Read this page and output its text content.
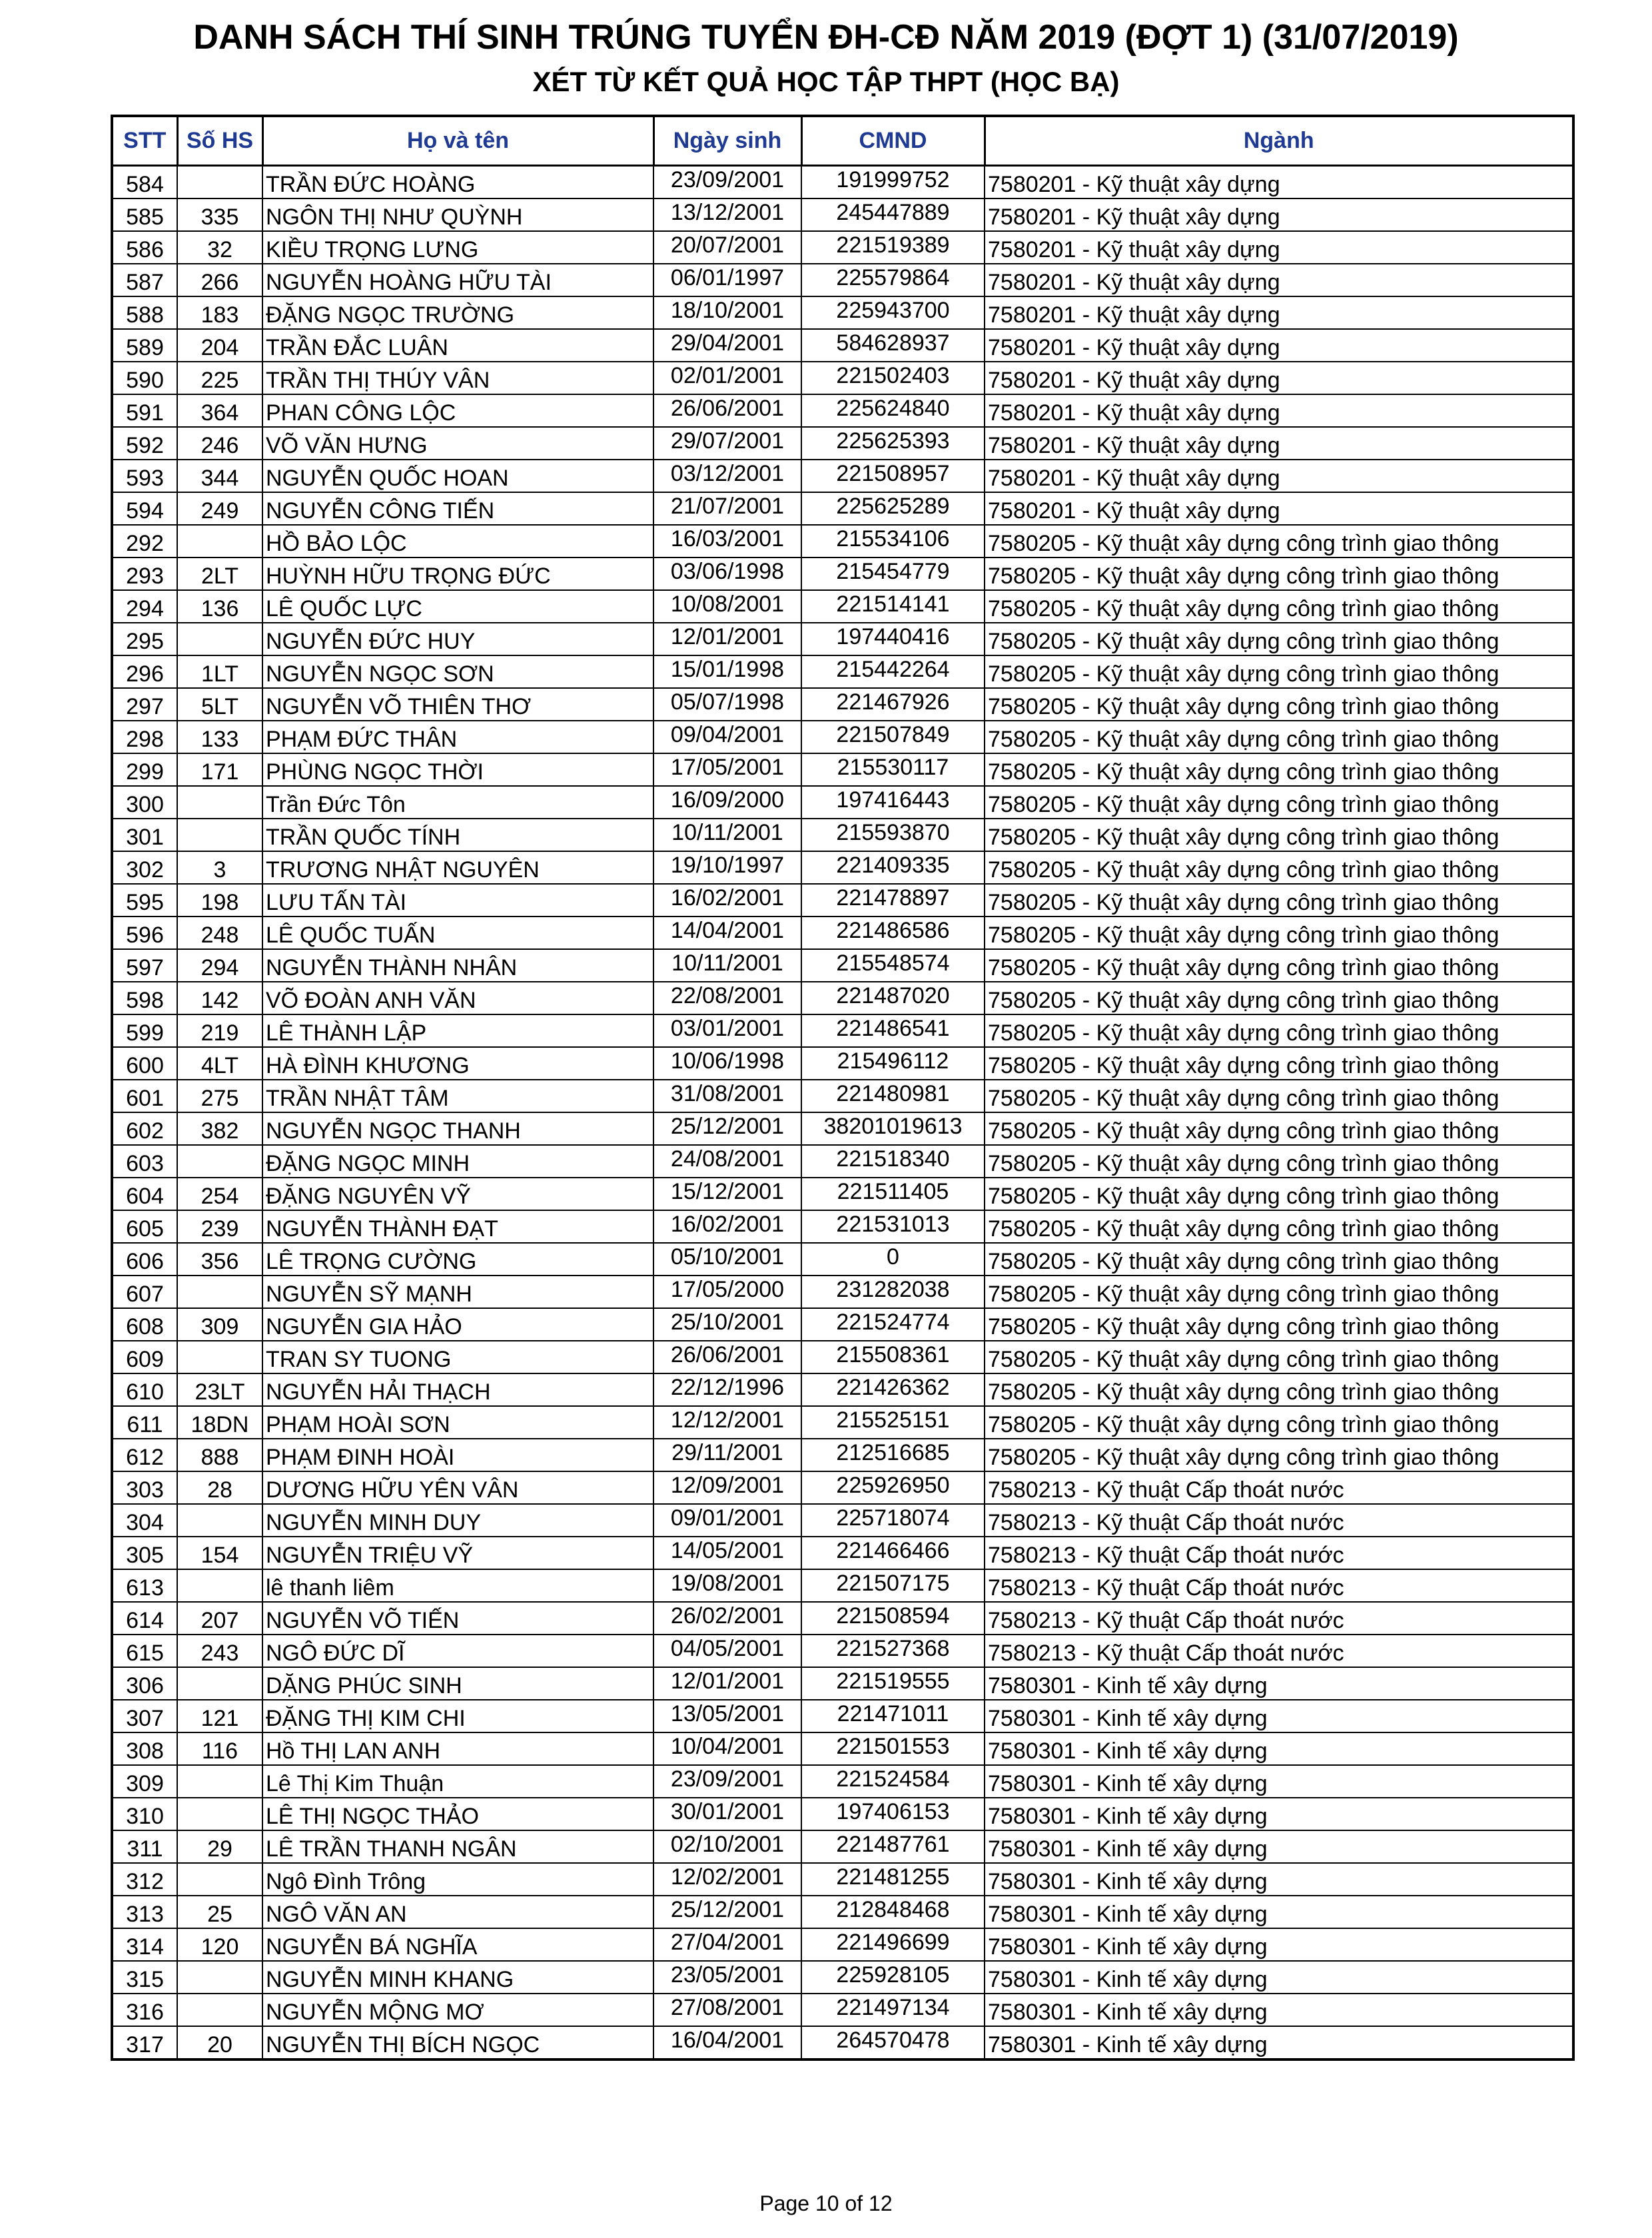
DANH SÁCH THÍ SINH TRÚNG TUYỂN ĐH-CĐ NĂM 2019 (ĐỢT 1) (31/07/2019)
XÉT TỪ KẾT QUẢ HỌC TẬP THPT (HỌC BẠ)
STT	Số HS	Họ và tên	Ngày sinh	CMND	Ngành
584		TRẦN ĐỨC HOÀNG	23/09/2001	191999752	7580201 - Kỹ thuật xây dựng
585	335	NGÔN THỊ NHƯ QUỲNH	13/12/2001	245447889	7580201 - Kỹ thuật xây dựng
586	32	KIỀU TRỌNG LƯNG	20/07/2001	221519389	7580201 - Kỹ thuật xây dựng
587	266	NGUYỄN HOÀNG HỮU TÀI	06/01/1997	225579864	7580201 - Kỹ thuật xây dựng
588	183	ĐẶNG NGỌC TRƯỜNG	18/10/2001	225943700	7580201 - Kỹ thuật xây dựng
589	204	TRẦN ĐẮC LUÂN	29/04/2001	584628937	7580201 - Kỹ thuật xây dựng
590	225	TRẦN THỊ THÚY VÂN	02/01/2001	221502403	7580201 - Kỹ thuật xây dựng
591	364	PHAN CÔNG LỘC	26/06/2001	225624840	7580201 - Kỹ thuật xây dựng
592	246	VÕ VĂN HƯNG	29/07/2001	225625393	7580201 - Kỹ thuật xây dựng
593	344	NGUYỄN QUỐC HOAN	03/12/2001	221508957	7580201 - Kỹ thuật xây dựng
594	249	NGUYỄN CÔNG TIẾN	21/07/2001	225625289	7580201 - Kỹ thuật xây dựng
292		HỒ BẢO LỘC	16/03/2001	215534106	7580205 - Kỹ thuật xây dựng công trình giao thông
293	2LT	HUỲNH HỮU TRỌNG ĐỨC	03/06/1998	215454779	7580205 - Kỹ thuật xây dựng công trình giao thông
294	136	LÊ QUỐC LỰC	10/08/2001	221514141	7580205 - Kỹ thuật xây dựng công trình giao thông
295		NGUYỄN ĐỨC HUY	12/01/2001	197440416	7580205 - Kỹ thuật xây dựng công trình giao thông
296	1LT	NGUYỄN NGỌC SƠN	15/01/1998	215442264	7580205 - Kỹ thuật xây dựng công trình giao thông
297	5LT	NGUYỄN VÕ THIÊN THƠ	05/07/1998	221467926	7580205 - Kỹ thuật xây dựng công trình giao thông
298	133	PHẠM ĐỨC THÂN	09/04/2001	221507849	7580205 - Kỹ thuật xây dựng công trình giao thông
299	171	PHÙNG NGỌC THỜI	17/05/2001	215530117	7580205 - Kỹ thuật xây dựng công trình giao thông
300		Trần Đức Tôn	16/09/2000	197416443	7580205 - Kỹ thuật xây dựng công trình giao thông
301		TRẦN QUỐC TÍNH	10/11/2001	215593870	7580205 - Kỹ thuật xây dựng công trình giao thông
302	3	TRƯƠNG NHẬT NGUYÊN	19/10/1997	221409335	7580205 - Kỹ thuật xây dựng công trình giao thông
595	198	LƯU TẤN TÀI	16/02/2001	221478897	7580205 - Kỹ thuật xây dựng công trình giao thông
596	248	LÊ QUỐC TUẤN	14/04/2001	221486586	7580205 - Kỹ thuật xây dựng công trình giao thông
597	294	NGUYỄN THÀNH NHÂN	10/11/2001	215548574	7580205 - Kỹ thuật xây dựng công trình giao thông
598	142	VÕ ĐOÀN ANH VĂN	22/08/2001	221487020	7580205 - Kỹ thuật xây dựng công trình giao thông
599	219	LÊ THÀNH LẬP	03/01/2001	221486541	7580205 - Kỹ thuật xây dựng công trình giao thông
600	4LT	HÀ ĐÌNH KHƯƠNG	10/06/1998	215496112	7580205 - Kỹ thuật xây dựng công trình giao thông
601	275	TRẦN NHẬT TÂM	31/08/2001	221480981	7580205 - Kỹ thuật xây dựng công trình giao thông
602	382	NGUYỄN NGỌC THANH	25/12/2001	38201019613	7580205 - Kỹ thuật xây dựng công trình giao thông
603		ĐẶNG NGỌC MINH	24/08/2001	221518340	7580205 - Kỹ thuật xây dựng công trình giao thông
604	254	ĐẶNG NGUYÊN VỸ	15/12/2001	221511405	7580205 - Kỹ thuật xây dựng công trình giao thông
605	239	NGUYỄN THÀNH ĐẠT	16/02/2001	221531013	7580205 - Kỹ thuật xây dựng công trình giao thông
606	356	LÊ TRỌNG CƯỜNG	05/10/2001	0	7580205 - Kỹ thuật xây dựng công trình giao thông
607		NGUYỄN SỸ MẠNH	17/05/2000	231282038	7580205 - Kỹ thuật xây dựng công trình giao thông
608	309	NGUYỄN GIA HẢO	25/10/2001	221524774	7580205 - Kỹ thuật xây dựng công trình giao thông
609		TRAN SY TUONG	26/06/2001	215508361	7580205 - Kỹ thuật xây dựng công trình giao thông
610	23LT	NGUYỄN HẢI THẠCH	22/12/1996	221426362	7580205 - Kỹ thuật xây dựng công trình giao thông
611	18DN	PHẠM HOÀI SƠN	12/12/2001	215525151	7580205 - Kỹ thuật xây dựng công trình giao thông
612	888	PHẠM ĐINH HOÀI	29/11/2001	212516685	7580205 - Kỹ thuật xây dựng công trình giao thông
303	28	DƯƠNG HỮU YÊN VÂN	12/09/2001	225926950	7580213 - Kỹ thuật Cấp thoát nước
304		NGUYỄN MINH DUY	09/01/2001	225718074	7580213 - Kỹ thuật Cấp thoát nước
305	154	NGUYỄN TRIỆU VỸ	14/05/2001	221466466	7580213 - Kỹ thuật Cấp thoát nước
613		lê thanh liêm	19/08/2001	221507175	7580213 - Kỹ thuật Cấp thoát nước
614	207	NGUYỄN VÕ TIẾN	26/02/2001	221508594	7580213 - Kỹ thuật Cấp thoát nước
615	243	NGÔ ĐỨC DĨ	04/05/2001	221527368	7580213 - Kỹ thuật Cấp thoát nước
306		DẶNG PHÚC SINH	12/01/2001	221519555	7580301 - Kinh tế xây dựng
307	121	ĐẶNG THỊ KIM CHI	13/05/2001	221471011	7580301 - Kinh tế xây dựng
308	116	Hồ THỊ LAN ANH	10/04/2001	221501553	7580301 - Kinh tế xây dựng
309		Lê Thị Kim Thuận	23/09/2001	221524584	7580301 - Kinh tế xây dựng
310		LÊ THỊ NGỌC THẢO	30/01/2001	197406153	7580301 - Kinh tế xây dựng
311	29	LÊ TRẦN THANH NGÂN	02/10/2001	221487761	7580301 - Kinh tế xây dựng
312		Ngô Đình Trông	12/02/2001	221481255	7580301 - Kinh tế xây dựng
313	25	NGÔ VĂN AN	25/12/2001	212848468	7580301 - Kinh tế xây dựng
314	120	NGUYỄN BÁ NGHĨA	27/04/2001	221496699	7580301 - Kinh tế xây dựng
315		NGUYỄN MINH KHANG	23/05/2001	225928105	7580301 - Kinh tế xây dựng
316		NGUYỄN MỘNG MƠ	27/08/2001	221497134	7580301 - Kinh tế xây dựng
317	20	NGUYỄN THỊ BÍCH NGỌC	16/04/2001	264570478	7580301 - Kinh tế xây dựng
Page 10 of 12
